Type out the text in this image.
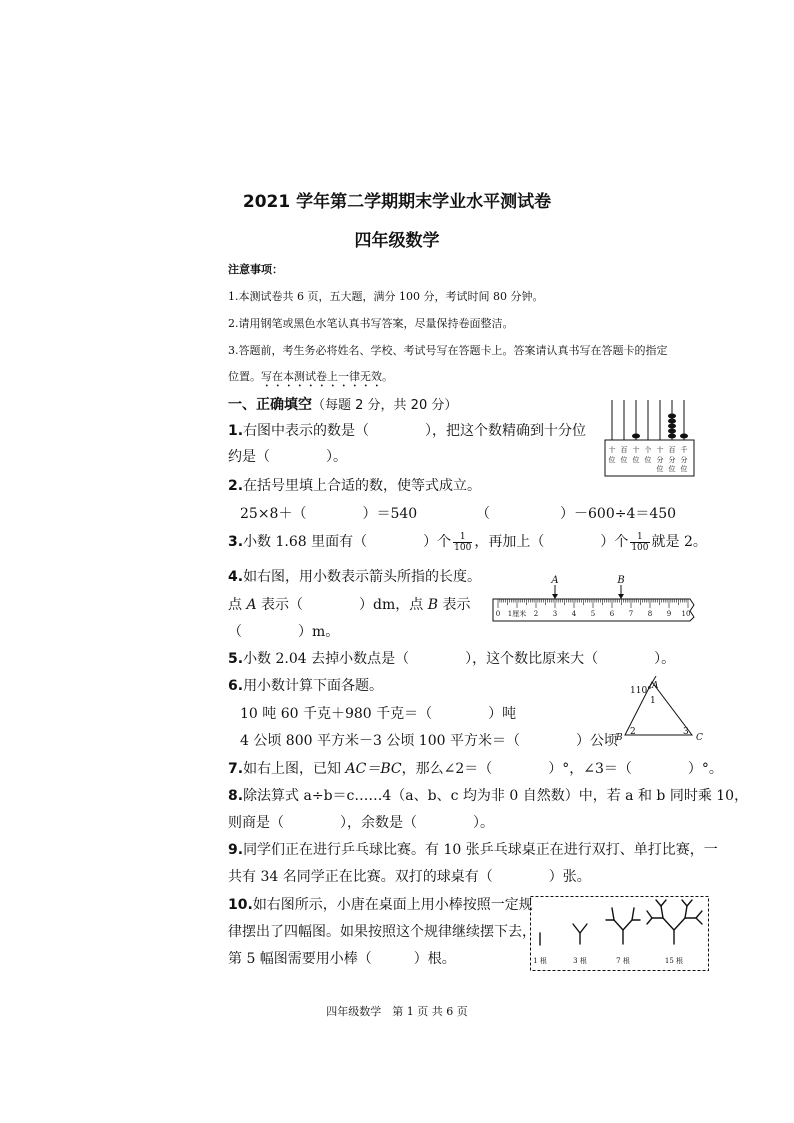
2021 学年第二学期期末学业水平测试卷
四年级数学
注意事项：
1.本测试卷共 6 页，五大题，满分 100 分，考试时间 80 分钟。
2.请用钢笔或黑色水笔认真书写答案，尽量保持卷面整洁。
3.答题前，考生务必将姓名、学校、考试号写在答题卡上。答案请认真书写在答题卡的指定
位置。写在本测试卷上一律无效。
一、正确填空（每题 2 分，共 20 分）
1.右图中表示的数是（　　　　），把这个数精确到十分位
约是（　　　　）。	十 百 十 个 十 百 千
位 位 位 位 分 分 分
位 位 位
2.在括号里填上合适的数，使等式成立。
25×8＋（　　　　）＝540	（　　　　　）－600÷4＝450
3.小数 1.68 里面有（　　　　）个 $\frac{1}{100}$ ，再加上（　　　　）个 $\frac{1}{100}$ 就是 2。
4.如右图，用小数表示箭头所指的长度。
点 A 表示（　　　　）dm，点 B 表示
（　　　　）m。
A	B
0 1厘米 2 3 4 5 6 7 8 9 10
5.小数 2.04 去掉小数点是（　　　　），这个数比原来大（　　　　）。
6.用小数计算下面各题。
10 吨 60 千克＋980 千克＝（　　　　）吨
4 公顷 800 平方米－3 公顷 100 平方米＝（　　　　）公顷
110° A
1
2	3
B	C
7.如右上图，已知 AC＝BC，那么∠2＝（　　　　）°，∠3＝（　　　　）°。
8.除法算式 a÷b＝c……4（a、b、c 均为非 0 自然数）中，若 a 和 b 同时乘 10，
则商是（　　　　），余数是（　　　　）。
9.同学们正在进行乒乓球比赛。有 10 张乒乓球桌正在进行双打、单打比赛，一
共有 34 名同学正在比赛。双打的球桌有（　　　　）张。
10.如右图所示，小唐在桌面上用小棒按照一定规
律摆出了四幅图。如果按照这个规律继续摆下去，
第 5 幅图需要用小棒（　　　）根。	1 根	3 根	7 根	15 根
四年级数学　第 1 页 共 6 页
